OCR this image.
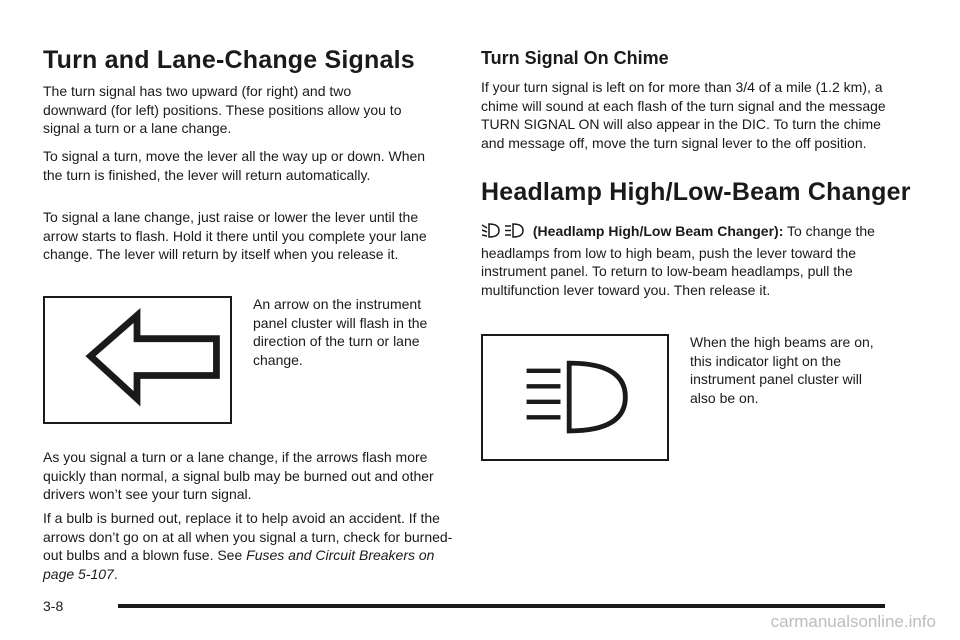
Turn and Lane-Change Signals

The turn signal has two upward (for right) and two downward (for left) positions. These positions allow you to signal a turn or a lane change.

To signal a turn, move the lever all the way up or down. When the turn is finished, the lever will return automatically.

To signal a lane change, just raise or lower the lever until the arrow starts to flash. Hold it there until you complete your lane change. The lever will return by itself when you release it.

An arrow on the instrument panel cluster will flash in the direction of the turn or lane change.

As you signal a turn or a lane change, if the arrows flash more quickly than normal, a signal bulb may be burned out and other drivers won’t see your turn signal.

If a bulb is burned out, replace it to help avoid an accident. If the arrows don’t go on at all when you signal a turn, check for burned-out bulbs and a blown fuse. See Fuses and Circuit Breakers on page 5-107.

Turn Signal On Chime

If your turn signal is left on for more than 3/4 of a mile (1.2 km), a chime will sound at each flash of the turn signal and the message TURN SIGNAL ON will also appear in the DIC. To turn the chime and message off, move the turn signal lever to the off position.

Headlamp High/Low-Beam Changer

(Headlamp High/Low Beam Changer): To change the headlamps from low to high beam, push the lever toward the instrument panel. To return to low-beam headlamps, pull the multifunction lever toward you. Then release it.

When the high beams are on, this indicator light on the instrument panel cluster will also be on.

3-8
carmanualsonline.info
